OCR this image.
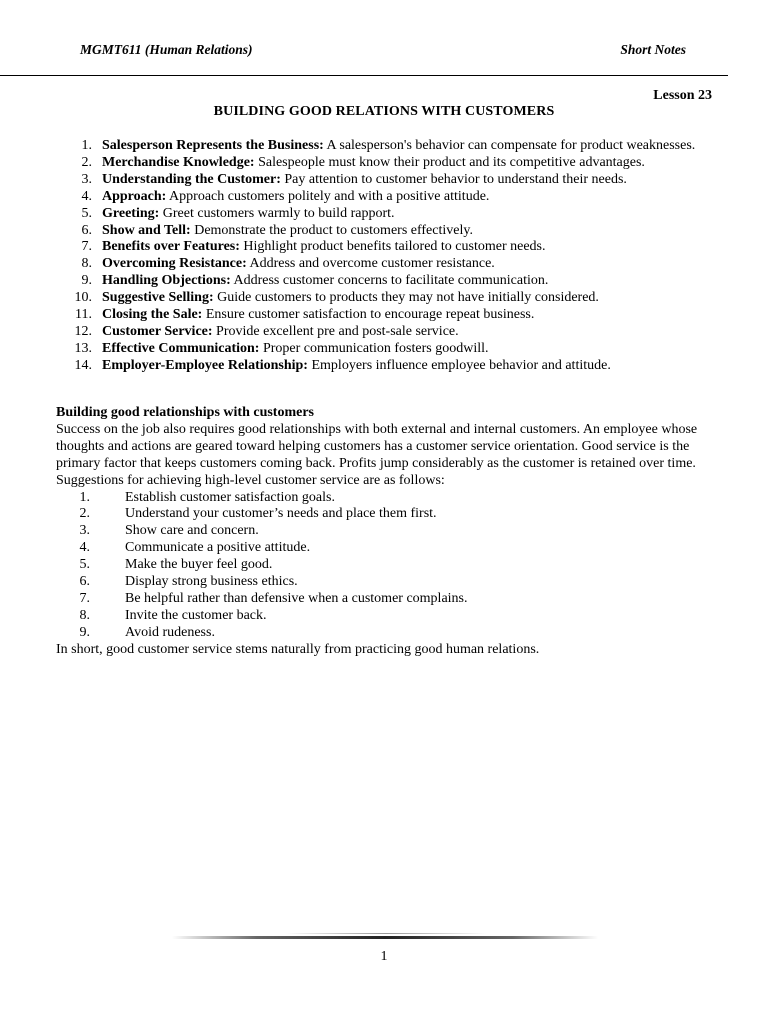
MGMT611 (Human Relations)	Short Notes
Lesson 23
BUILDING GOOD RELATIONS WITH CUSTOMERS
1. Salesperson Represents the Business: A salesperson's behavior can compensate for product weaknesses.
2. Merchandise Knowledge: Salespeople must know their product and its competitive advantages.
3. Understanding the Customer: Pay attention to customer behavior to understand their needs.
4. Approach: Approach customers politely and with a positive attitude.
5. Greeting: Greet customers warmly to build rapport.
6. Show and Tell: Demonstrate the product to customers effectively.
7. Benefits over Features: Highlight product benefits tailored to customer needs.
8. Overcoming Resistance: Address and overcome customer resistance.
9. Handling Objections: Address customer concerns to facilitate communication.
10. Suggestive Selling: Guide customers to products they may not have initially considered.
11. Closing the Sale: Ensure customer satisfaction to encourage repeat business.
12. Customer Service: Provide excellent pre and post-sale service.
13. Effective Communication: Proper communication fosters goodwill.
14. Employer-Employee Relationship: Employers influence employee behavior and attitude.
Building good relationships with customers

Success on the job also requires good relationships with both external and internal customers. An employee whose thoughts and actions are geared toward helping customers has a customer service orientation. Good service is the primary factor that keeps customers coming back. Profits jump considerably as the customer is retained over time. Suggestions for achieving high-level customer service are as follows:

1.	Establish customer satisfaction goals.
2.	Understand your customer’s needs and place them first.
3.	Show care and concern.
4.	Communicate a positive attitude.
5.	Make the buyer feel good.
6.	Display strong business ethics.
7.	Be helpful rather than defensive when a customer complains.
8.	Invite the customer back.
9.	Avoid rudeness.

In short, good customer service stems naturally from practicing good human relations.

1
